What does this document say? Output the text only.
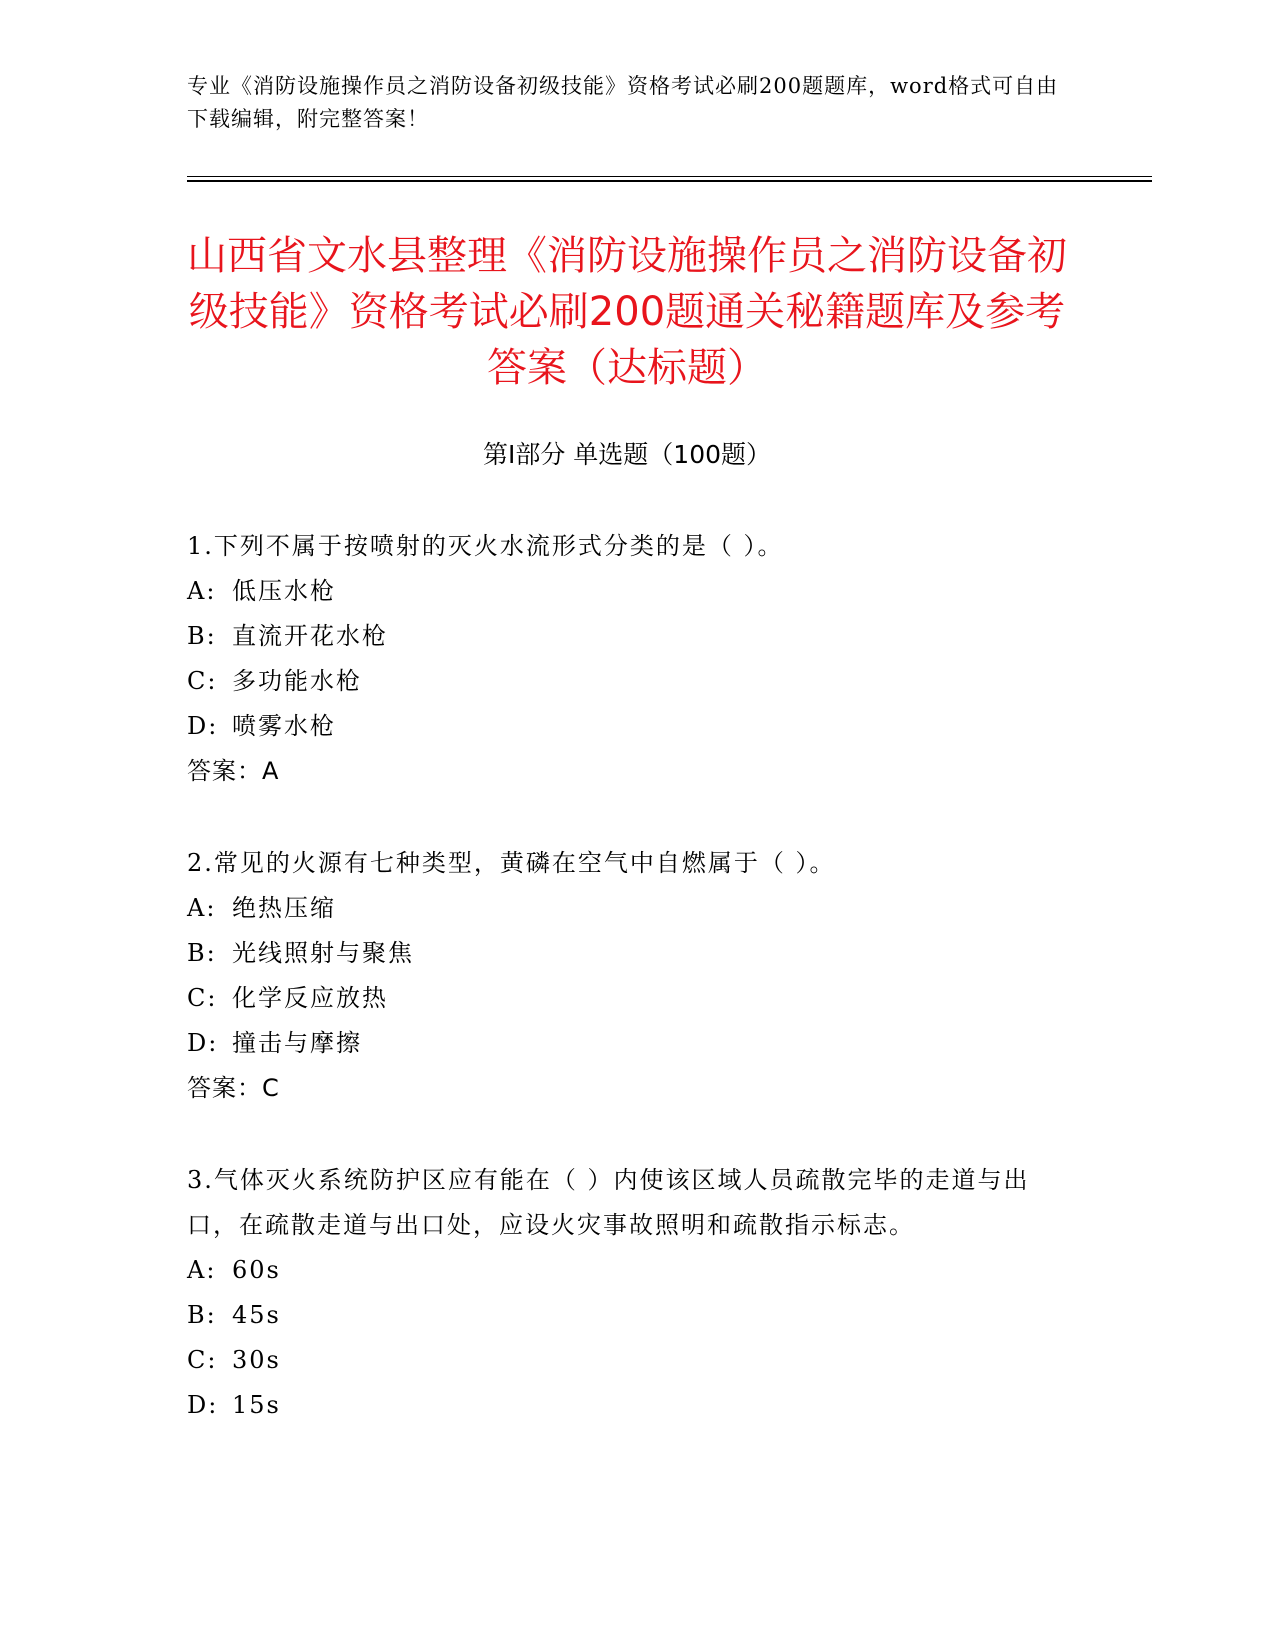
专业《消防设施操作员之消防设备初级技能》资格考试必刷200题题库，word格式可自由下载编辑，附完整答案！
山西省文水县整理《消防设施操作员之消防设备初级技能》资格考试必刷200题通关秘籍题库及参考答案（达标题）
第Ⅰ部分 单选题（100题）

1.下列不属于按喷射的灭火水流形式分类的是（ ）。

A: 低压水枪
B: 直流开花水枪
C: 多功能水枪
D: 喷雾水枪
答案：A

2.常见的火源有七种类型，黄磷在空气中自燃属于（ ）。

A: 绝热压缩
B: 光线照射与聚焦
C: 化学反应放热
D: 撞击与摩擦
答案：C

3.气体灭火系统防护区应有能在（ ）内使该区域人员疏散完毕的走道与出口，在疏散走道与出口处，应设火灾事故照明和疏散指示标志。

A: 60s
B: 45s
C: 30s
D: 15s
